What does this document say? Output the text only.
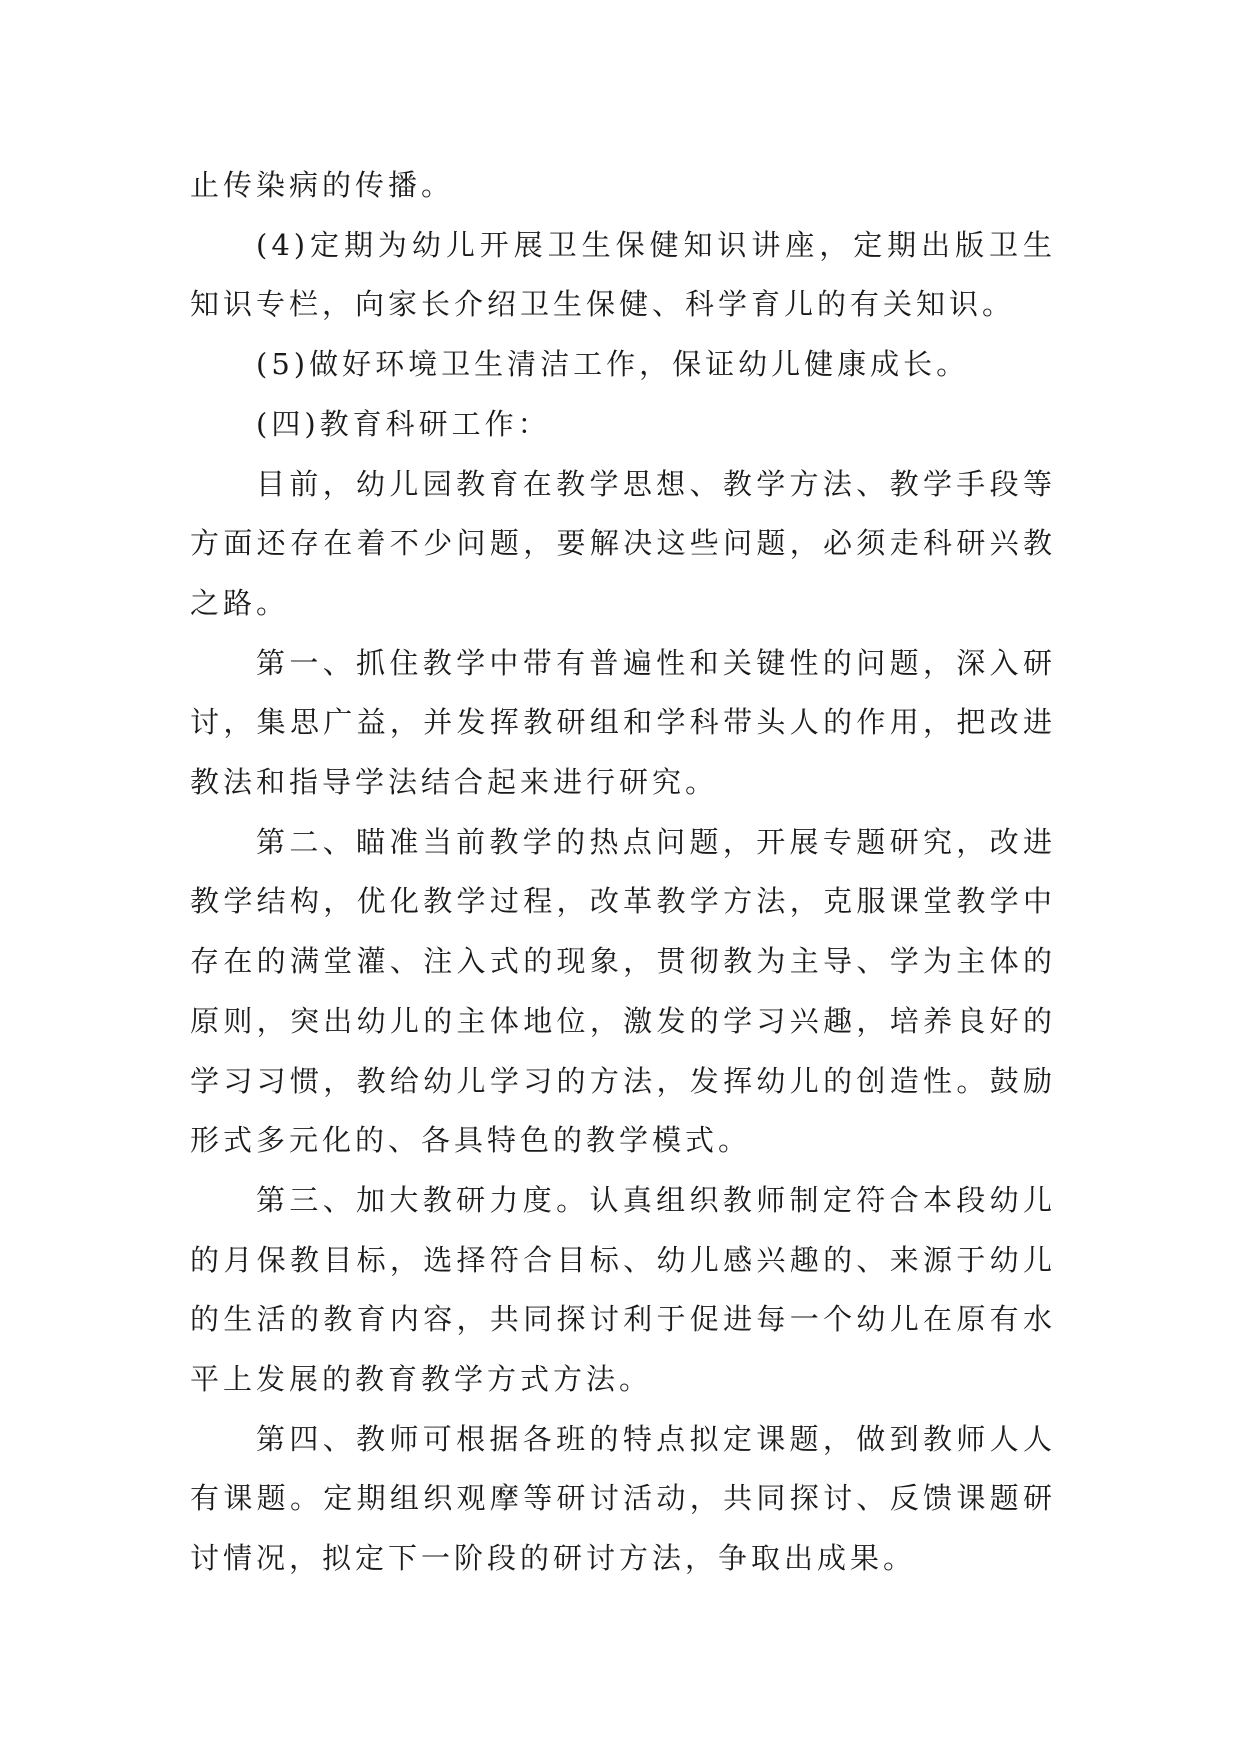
止传染病的传播。

(4)定期为幼儿开展卫生保健知识讲座，定期出版卫生知识专栏，向家长介绍卫生保健、科学育儿的有关知识。

(5)做好环境卫生清洁工作，保证幼儿健康成长。

(四)教育科研工作：

目前，幼儿园教育在教学思想、教学方法、教学手段等方面还存在着不少问题，要解决这些问题，必须走科研兴教之路。

第一、抓住教学中带有普遍性和关键性的问题，深入研讨，集思广益，并发挥教研组和学科带头人的作用，把改进教法和指导学法结合起来进行研究。

第二、瞄准当前教学的热点问题，开展专题研究，改进教学结构，优化教学过程，改革教学方法，克服课堂教学中存在的满堂灌、注入式的现象，贯彻教为主导、学为主体的原则，突出幼儿的主体地位，激发的学习兴趣，培养良好的学习习惯，教给幼儿学习的方法，发挥幼儿的创造性。鼓励形式多元化的、各具特色的教学模式。

第三、加大教研力度。认真组织教师制定符合本段幼儿的月保教目标，选择符合目标、幼儿感兴趣的、来源于幼儿的生活的教育内容，共同探讨利于促进每一个幼儿在原有水平上发展的教育教学方式方法。

第四、教师可根据各班的特点拟定课题，做到教师人人有课题。定期组织观摩等研讨活动，共同探讨、反馈课题研讨情况，拟定下一阶段的研讨方法，争取出成果。
